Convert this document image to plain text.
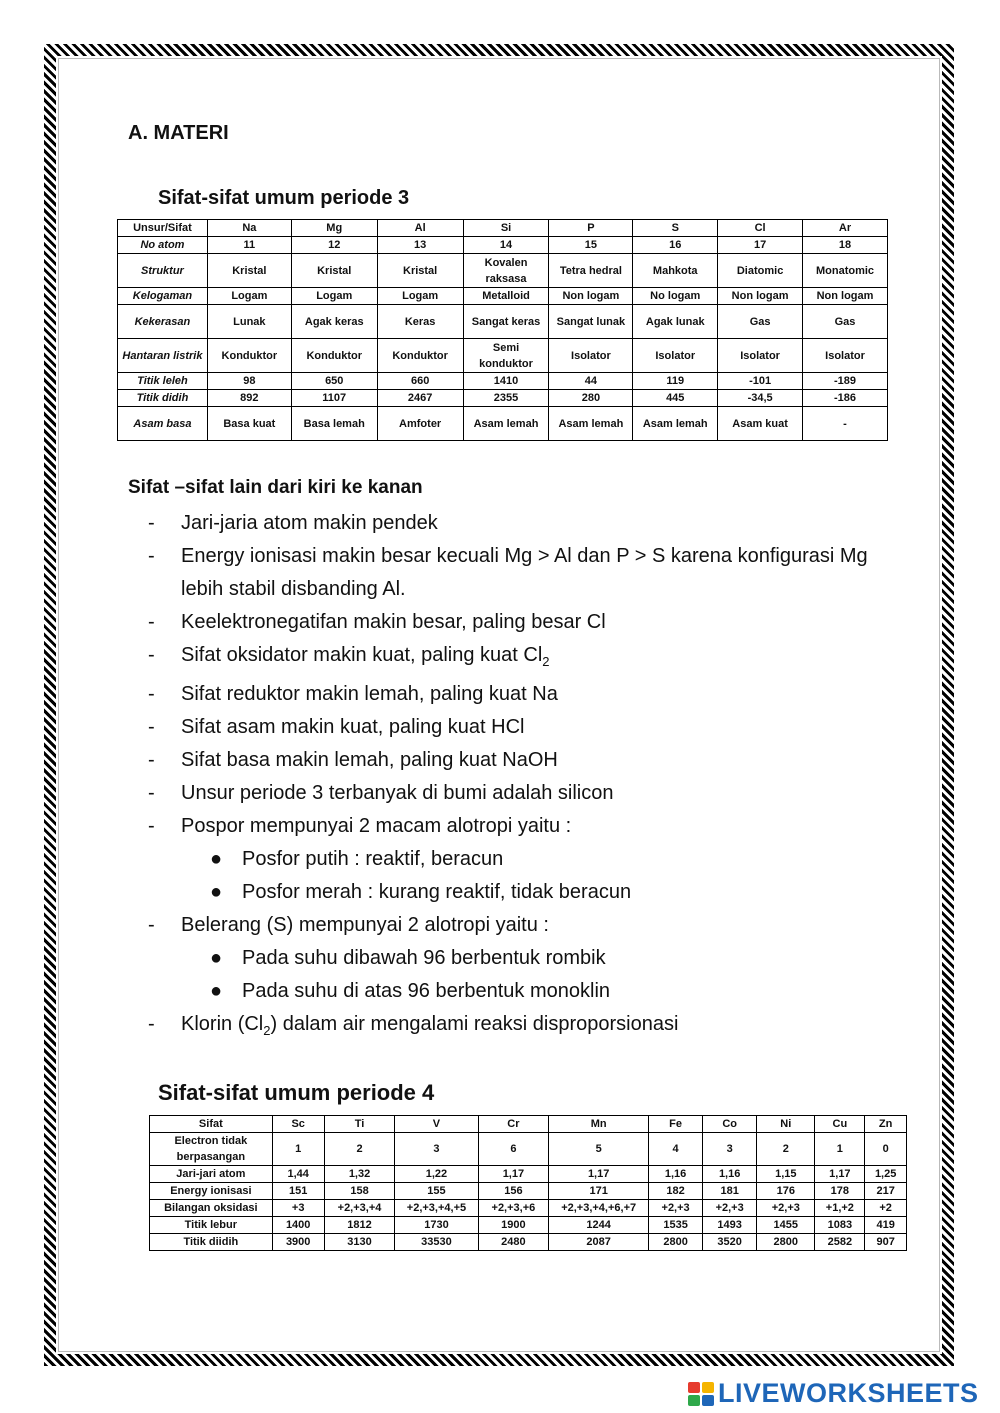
A. MATERI
Sifat-sifat umum periode 3
Unsur/Sifat	Na	Mg	Al	Si	P	S	Cl	Ar
No atom	11	12	13	14	15	16	17	18
Struktur	Kristal	Kristal	Kristal	Kovalen raksasa	Tetra hedral	Mahkota	Diatomic	Monatomic
Kelogaman	Logam	Logam	Logam	Metalloid	Non logam	No logam	Non logam	Non logam
Kekerasan	Lunak	Agak keras	Keras	Sangat keras	Sangat lunak	Agak lunak	Gas	Gas
Hantaran listrik	Konduktor	Konduktor	Konduktor	Semi konduktor	Isolator	Isolator	Isolator	Isolator
Titik leleh	98	650	660	1410	44	119	-101	-189
Titik didih	892	1107	2467	2355	280	445	-34,5	-186
Asam basa	Basa kuat	Basa lemah	Amfoter	Asam lemah	Asam lemah	Asam lemah	Asam kuat	-
Sifat –sifat lain dari kiri ke kanan
- Jari-jaria atom makin pendek
- Energy ionisasi makin besar kecuali Mg > Al dan P > S karena konfigurasi Mg lebih stabil disbanding Al.
- Keelektronegatifan makin besar, paling besar Cl
- Sifat oksidator makin kuat, paling kuat $Cl_2$
- Sifat reduktor makin lemah, paling kuat Na
- Sifat asam makin kuat, paling kuat HCl
- Sifat basa makin lemah, paling kuat NaOH
- Unsur periode 3 terbanyak di bumi adalah silicon
- Pospor mempunyai 2 macam alotropi yaitu :
● Posfor putih : reaktif, beracun
● Posfor merah : kurang reaktif, tidak beracun
- Belerang (S) mempunyai 2 alotropi yaitu :
● Pada suhu dibawah 96 berbentuk rombik
● Pada suhu di atas 96 berbentuk monoklin
- Klorin $(Cl_2)$ dalam air mengalami reaksi disproporsionasi
Sifat-sifat umum periode 4
Sifat	Sc	Ti	V	Cr	Mn	Fe	Co	Ni	Cu	Zn
Electron tidak berpasangan	1	2	3	6	5	4	3	2	1	0
Jari-jari atom	1,44	1,32	1,22	1,17	1,17	1,16	1,16	1,15	1,17	1,25
Energy ionisasi	151	158	155	156	171	182	181	176	178	217
Bilangan oksidasi	+3	+2,+3,+4	+2,+3,+4,+5	+2,+3,+6	+2,+3,+4,+6,+7	+2,+3	+2,+3	+2,+3	+1,+2	+2
Titik lebur	1400	1812	1730	1900	1244	1535	1493	1455	1083	419
Titik diidih	3900	3130	33530	2480	2087	2800	3520	2800	2582	907
LIVEWORKSHEETS
